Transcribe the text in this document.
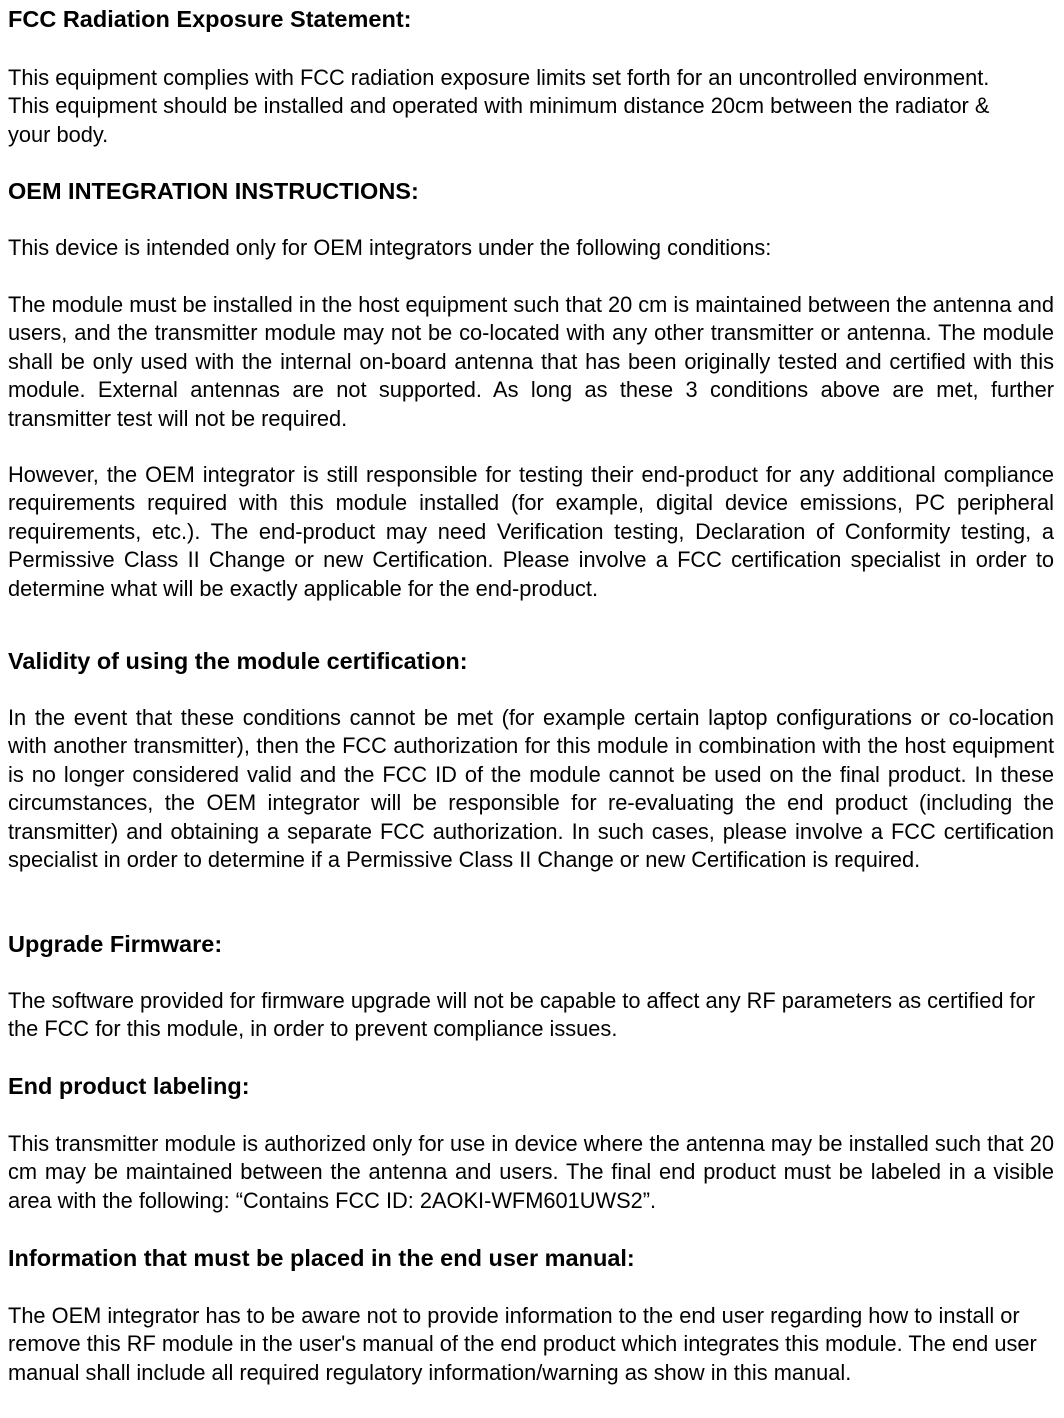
FCC Radiation Exposure Statement:

This equipment complies with FCC radiation exposure limits set forth for an uncontrolled environment. This equipment should be installed and operated with minimum distance 20cm between the radiator & your body.

OEM INTEGRATION INSTRUCTIONS:

This device is intended only for OEM integrators under the following conditions:

The module must be installed in the host equipment such that 20 cm is maintained between the antenna and users, and the transmitter module may not be co-located with any other transmitter or antenna. The module shall be only used with the internal on-board antenna that has been originally tested and certified with this module. External antennas are not supported. As long as these 3 conditions above are met, further transmitter test will not be required.

However, the OEM integrator is still responsible for testing their end-product for any additional compliance requirements required with this module installed (for example, digital device emissions, PC peripheral requirements, etc.). The end-product may need Verification testing, Declaration of Conformity testing, a Permissive Class II Change or new Certification. Please involve a FCC certification specialist in order to determine what will be exactly applicable for the end-product.

Validity of using the module certification:

In the event that these conditions cannot be met (for example certain laptop configurations or co-location with another transmitter), then the FCC authorization for this module in combination with the host equipment is no longer considered valid and the FCC ID of the module cannot be used on the final product. In these circumstances, the OEM integrator will be responsible for re-evaluating the end product (including the transmitter) and obtaining a separate FCC authorization. In such cases, please involve a FCC certification specialist in order to determine if a Permissive Class II Change or new Certification is required.

Upgrade Firmware:

The software provided for firmware upgrade will not be capable to affect any RF parameters as certified for the FCC for this module, in order to prevent compliance issues.

End product labeling:

This transmitter module is authorized only for use in device where the antenna may be installed such that 20 cm may be maintained between the antenna and users. The final end product must be labeled in a visible area with the following: “Contains FCC ID: 2AOKI-WFM601UWS2”.

Information that must be placed in the end user manual:

The OEM integrator has to be aware not to provide information to the end user regarding how to install or remove this RF module in the user's manual of the end product which integrates this module. The end user manual shall include all required regulatory information/warning as show in this manual.
